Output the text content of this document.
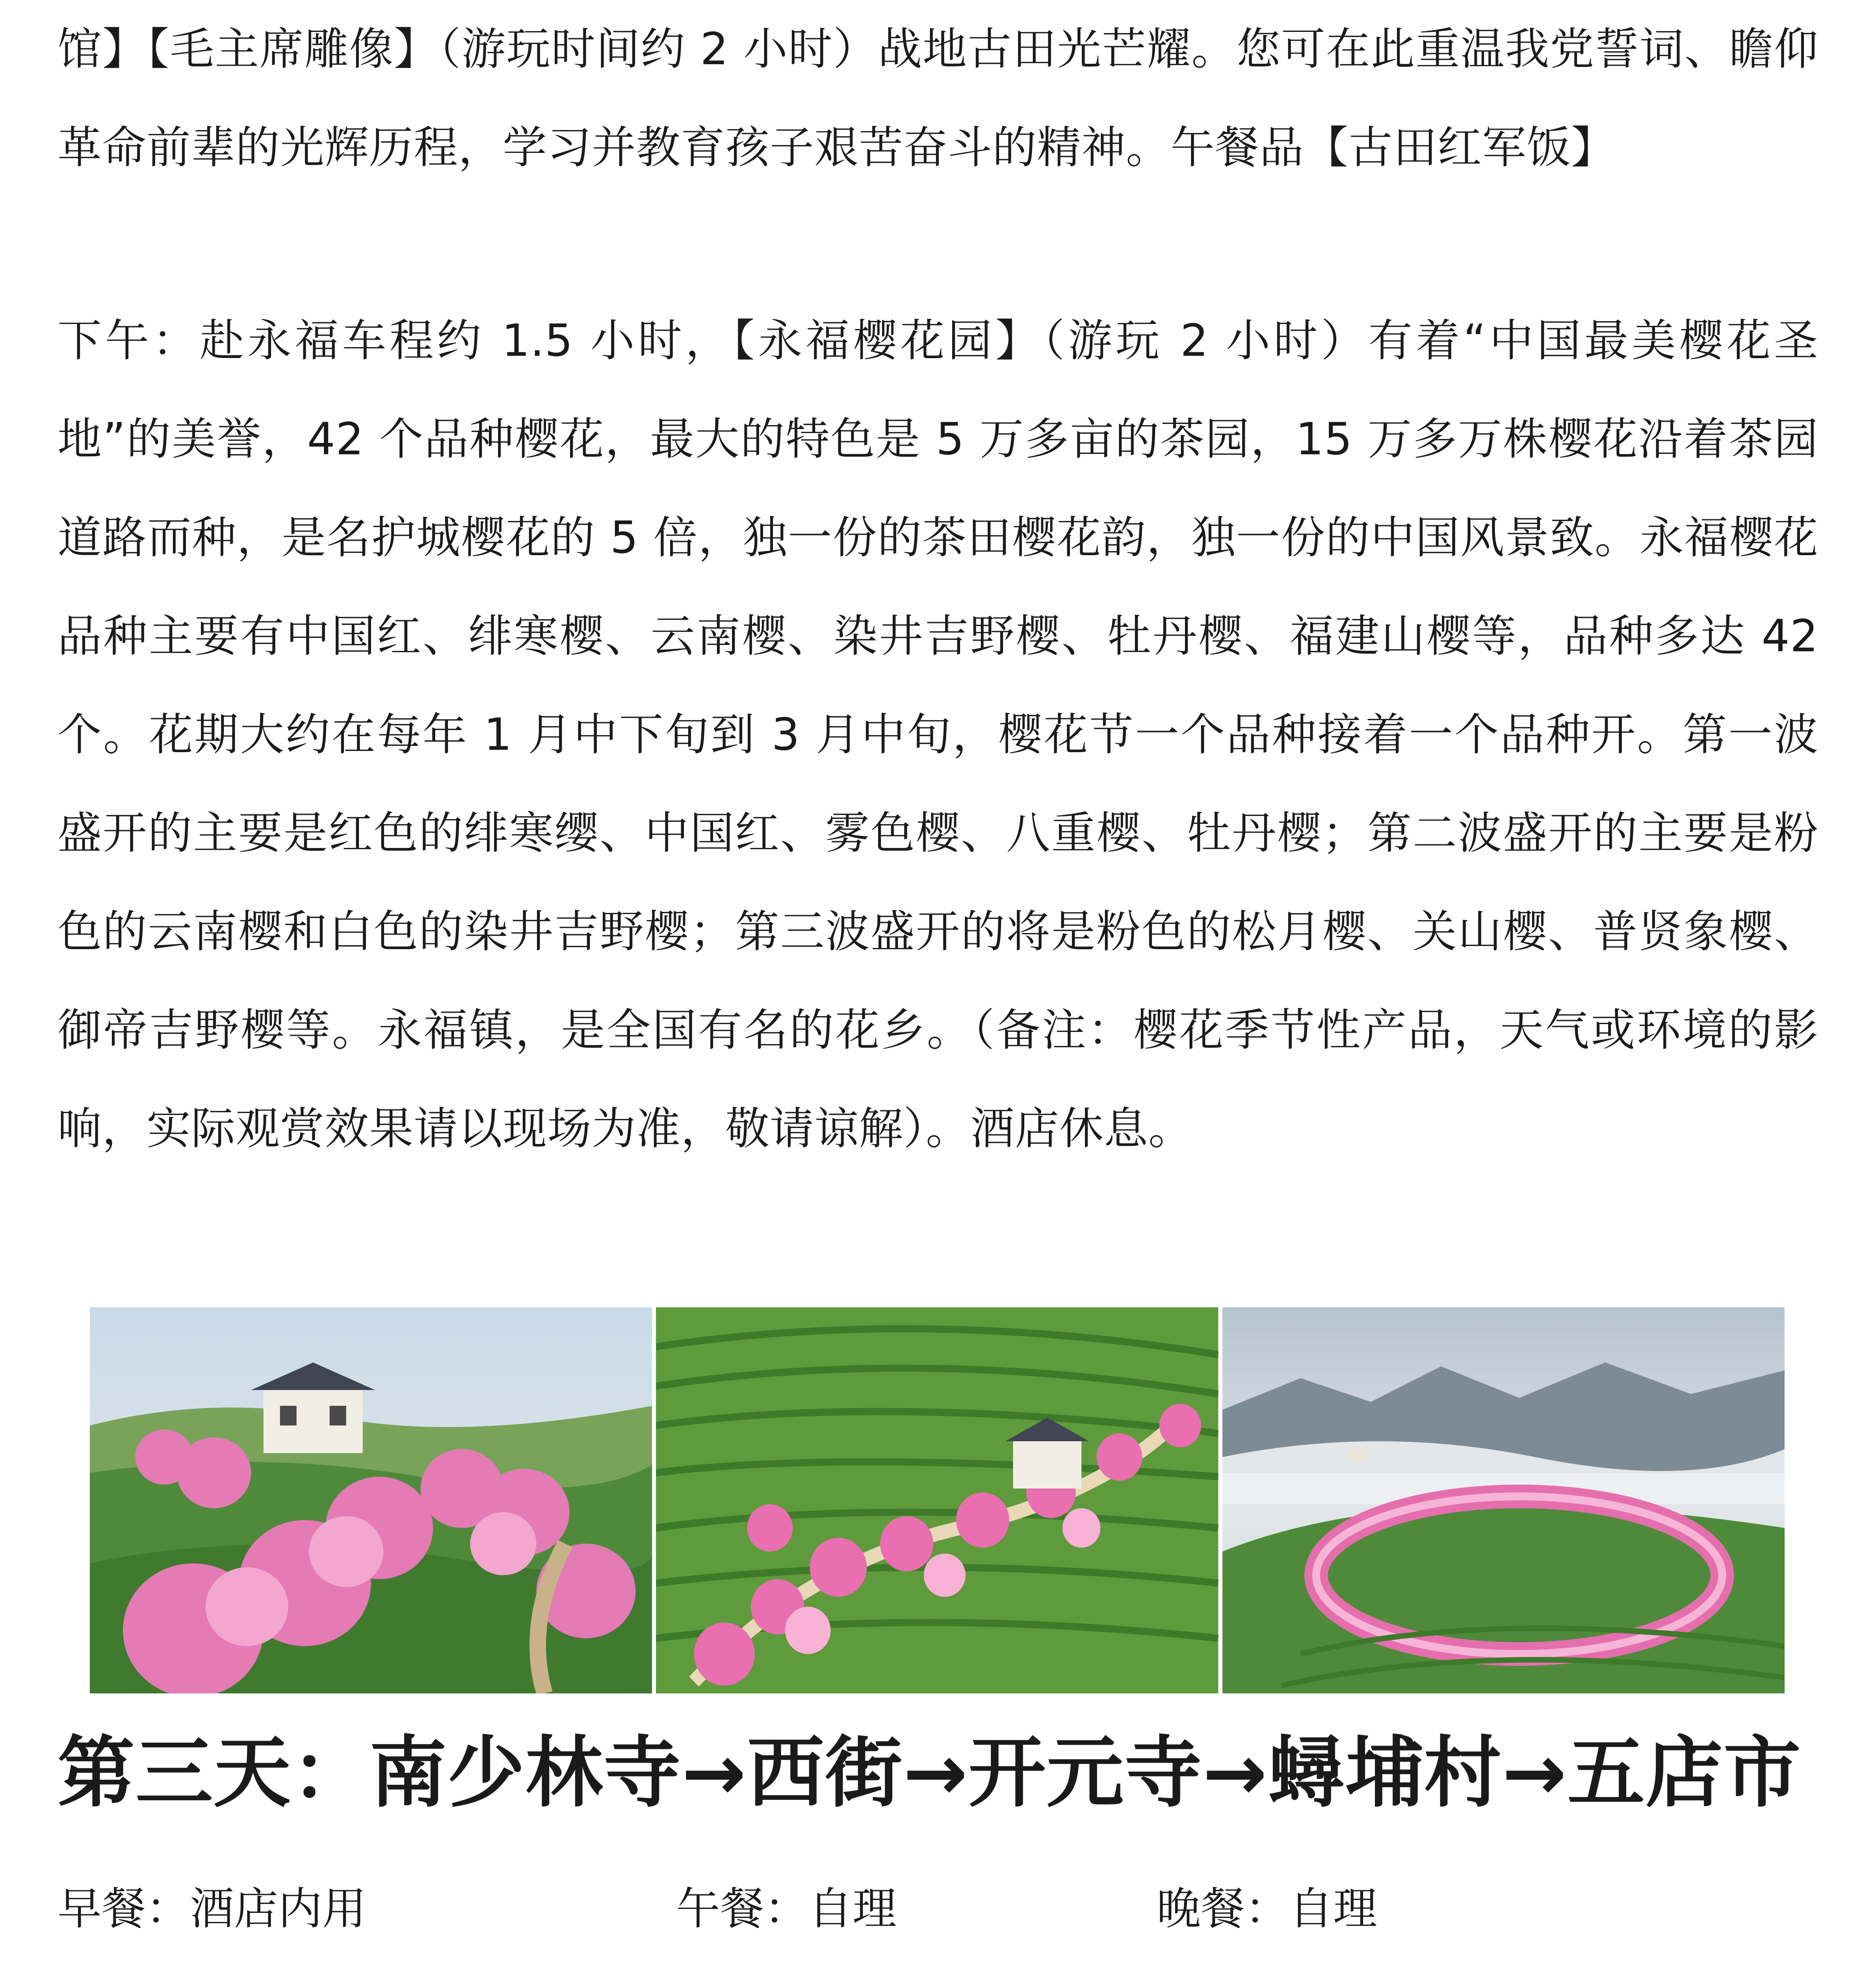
馆】【毛主席雕像】（游玩时间约 2 小时）战地古田光芒耀。您可在此重温我党誓词、瞻仰革命前辈的光辉历程，学习并教育孩子艰苦奋斗的精神。午餐品【古田红军饭】

下午：赴永福车程约 1.5 小时，【永福樱花园】（游玩 2 小时）有着“中国最美樱花圣地”的美誉，42 个品种樱花，最大的特色是 5 万多亩的茶园，15 万多万株樱花沿着茶园道路而种，是名护城樱花的 5 倍，独一份的茶田樱花韵，独一份的中国风景致。永福樱花品种主要有中国红、绯寒樱、云南樱、染井吉野樱、牡丹樱、福建山樱等，品种多达 42 个。花期大约在每年 1 月中下旬到 3 月中旬，樱花节一个品种接着一个品种开。第一波盛开的主要是红色的绯寒缨、中国红、雾色樱、八重樱、牡丹樱；第二波盛开的主要是粉色的云南樱和白色的染井吉野樱；第三波盛开的将是粉色的松月樱、关山樱、普贤象樱、御帝吉野樱等。永福镇，是全国有名的花乡。（备注：樱花季节性产品，天气或环境的影响，实际观赏效果请以现场为准，敬请谅解）。酒店休息。

第三天：南少林寺→西街→开元寺→蟳埔村→五店市
早餐：酒店内用	午餐：自理	晚餐：自理
